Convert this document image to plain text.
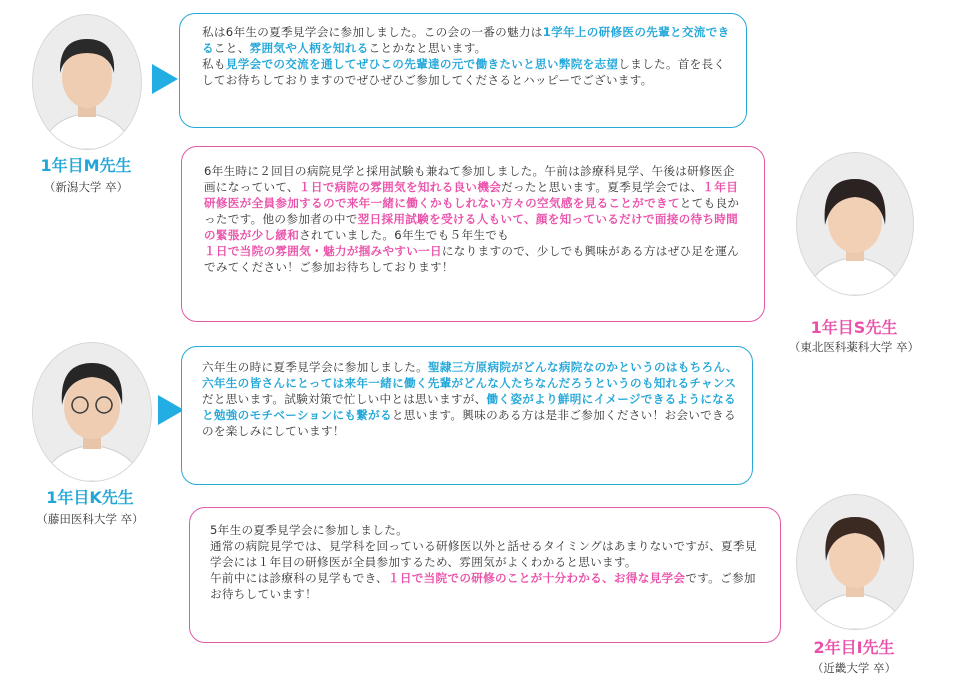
1年目M先生
（新潟大学 卒）

私は6年生の夏季見学会に参加しました。この会の一番の魅力は1学年上の研修医の先輩と交流できること、雰囲気や人柄を知れることかなと思います。
私も見学会での交流を通してぜひこの先輩達の元で働きたいと思い弊院を志望しました。首を長くしてお待ちしておりますのでぜひぜひご参加してくださるとハッピーでございます。

1年目S先生
（東北医科薬科大学 卒）

6年生時に２回目の病院見学と採用試験も兼ねて参加しました。午前は診療科見学、午後は研修医企画になっていて、１日で病院の雰囲気を知れる良い機会だったと思います。夏季見学会では、１年目研修医が全員参加するので来年一緒に働くかもしれない方々の空気感を見ることができてとても良かったです。他の参加者の中で翌日採用試験を受ける人もいて、顔を知っているだけで面接の待ち時間の緊張が少し緩和されていました。6年生でも５年生でも
１日で当院の雰囲気・魅力が掴みやすい一日になりますので、少しでも興味がある方はぜひ足を運んでみてください！ご参加お待ちしております！

1年目K先生
（藤田医科大学 卒）

六年生の時に夏季見学会に参加しました。聖隷三方原病院がどんな病院なのかというのはもちろん、六年生の皆さんにとっては来年一緒に働く先輩がどんな人たちなんだろうというのも知れるチャンスだと思います。試験対策で忙しい中とは思いますが、働く姿がより鮮明にイメージできるようになると勉強のモチベーションにも繋がると思います。興味のある方は是非ご参加ください！お会いできるのを楽しみにしています！

2年目I先生
（近畿大学 卒）

5年生の夏季見学会に参加しました。
通常の病院見学では、見学科を回っている研修医以外と話せるタイミングはあまりないですが、夏季見学会には１年目の研修医が全員参加するため、雰囲気がよくわかると思います。
午前中には診療科の見学もでき、１日で当院での研修のことが十分わかる、お得な見学会です。ご参加お待ちしています！
